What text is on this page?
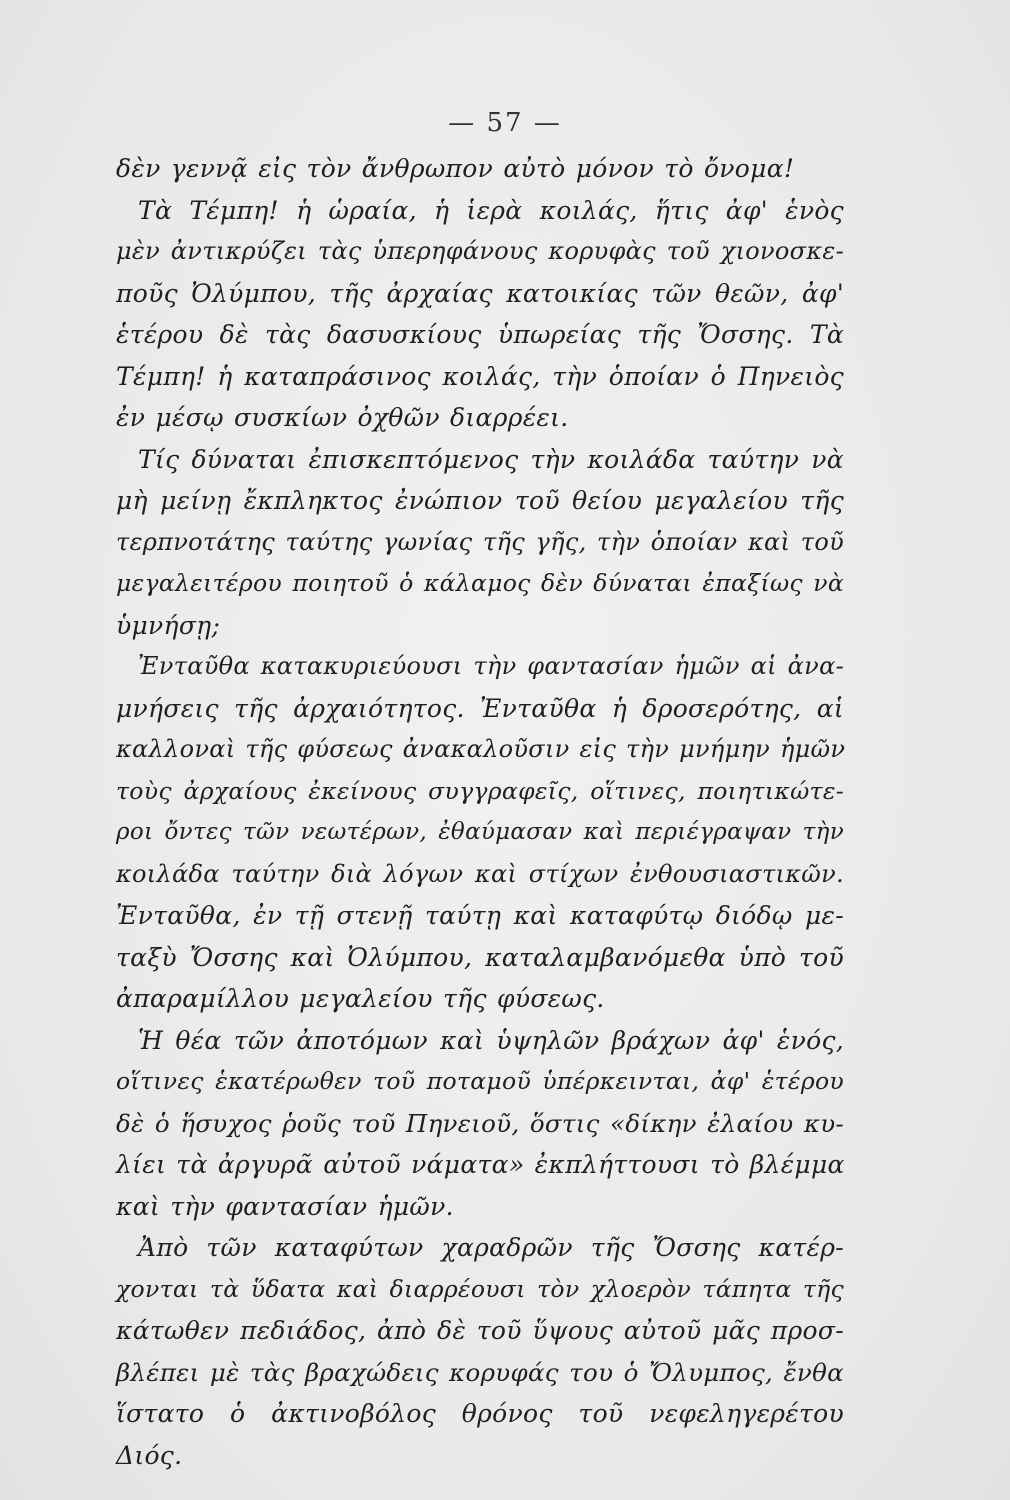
— 57 —
δὲν γεννᾷ εἰς τὸν ἄνθρωπον αὐτὸ μόνον τὸ ὄνομα!
Τὰ Τέμπη! ἡ ὡραία, ἡ ἱερὰ κοιλάς, ἥτις ἀφ' ἑνὸς
μὲν ἀντικρύζει τὰς ὑπερηφάνους κορυφὰς τοῦ χιονοσκε-
ποῦς Ὀλύμπου, τῆς ἀρχαίας κατοικίας τῶν θεῶν, ἀφ'
ἑτέρου δὲ τὰς δασυσκίους ὑπωρείας τῆς Ὄσσης. Τὰ
Τέμπη! ἡ καταπράσινος κοιλάς, τὴν ὁποίαν ὁ Πηνειὸς
ἐν μέσῳ συσκίων ὀχθῶν διαρρέει.
Τίς δύναται ἐπισκεπτόμενος τὴν κοιλάδα ταύτην νὰ
μὴ μείνῃ ἔκπληκτος ἐνώπιον τοῦ θείου μεγαλείου τῆς
τερπνοτάτης ταύτης γωνίας τῆς γῆς, τὴν ὁποίαν καὶ τοῦ
μεγαλειτέρου ποιητοῦ ὁ κάλαμος δὲν δύναται ἐπαξίως νὰ
ὑμνήσῃ;
Ἐνταῦθα κατακυριεύουσι τὴν φαντασίαν ἡμῶν αἱ ἀνα-
μνήσεις τῆς ἀρχαιότητος. Ἐνταῦθα ἡ δροσερότης, αἱ
καλλοναὶ τῆς φύσεως ἀνακαλοῦσιν εἰς τὴν μνήμην ἡμῶν
τοὺς ἀρχαίους ἐκείνους συγγραφεῖς, οἵτινες, ποιητικώτε-
ροι ὄντες τῶν νεωτέρων, ἐθαύμασαν καὶ περιέγραψαν τὴν
κοιλάδα ταύτην διὰ λόγων καὶ στίχων ἐνθουσιαστικῶν.
Ἐνταῦθα, ἐν τῇ στενῇ ταύτῃ καὶ καταφύτῳ διόδῳ με-
ταξὺ Ὄσσης καὶ Ὀλύμπου, καταλαμβανόμεθα ὑπὸ τοῦ
ἀπαραμίλλου μεγαλείου τῆς φύσεως.
Ἡ θέα τῶν ἀποτόμων καὶ ὑψηλῶν βράχων ἀφ' ἑνός,
οἵτινες ἑκατέρωθεν τοῦ ποταμοῦ ὑπέρκεινται, ἀφ' ἑτέρου
δὲ ὁ ἥσυχος ῥοῦς τοῦ Πηνειοῦ, ὅστις «δίκην ἐλαίου κυ-
λίει τὰ ἀργυρᾶ αὐτοῦ νάματα» ἐκπλήττουσι τὸ βλέμμα
καὶ τὴν φαντασίαν ἡμῶν.
Ἀπὸ τῶν καταφύτων χαραδρῶν τῆς Ὄσσης κατέρ-
χονται τὰ ὕδατα καὶ διαρρέουσι τὸν χλοερὸν τάπητα τῆς
κάτωθεν πεδιάδος, ἀπὸ δὲ τοῦ ὕψους αὐτοῦ μᾶς προσ-
βλέπει μὲ τὰς βραχώδεις κορυφάς του ὁ Ὄλυμπος, ἔνθα
ἵστατο ὁ ἀκτινοβόλος θρόνος τοῦ νεφεληγερέτου
Διός.
